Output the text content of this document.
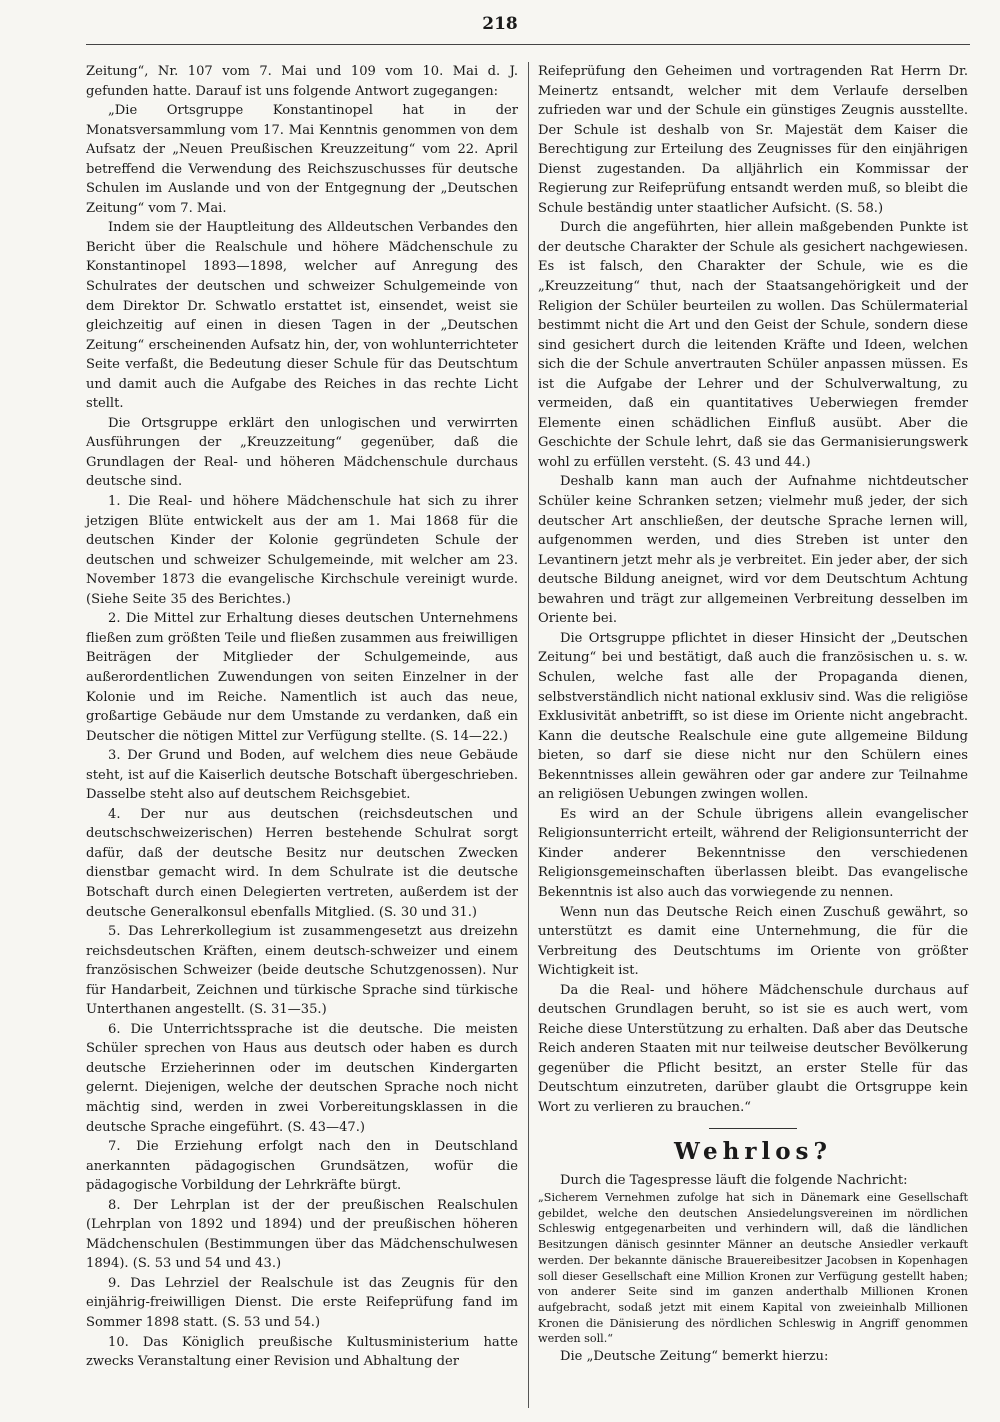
218

Zeitung“, Nr. 107 vom 7. Mai und 109 vom 10. Mai d. J. gefunden hatte. Darauf ist uns folgende Antwort zugegangen:

„Die Ortsgruppe Konstantinopel hat in der Monatsversammlung vom 17. Mai Kenntnis genommen von dem Aufsatz der „Neuen Preußischen Kreuzzeitung“ vom 22. April betreffend die Verwendung des Reichszuschusses für deutsche Schulen im Auslande und von der Entgegnung der „Deutschen Zeitung“ vom 7. Mai.

Indem sie der Hauptleitung des Alldeutschen Verbandes den Bericht über die Realschule und höhere Mädchenschule zu Konstantinopel 1893—1898, welcher auf Anregung des Schulrates der deutschen und schweizer Schulgemeinde von dem Direktor Dr. Schwatlo erstattet ist, einsendet, weist sie gleichzeitig auf einen in diesen Tagen in der „Deutschen Zeitung“ erscheinenden Aufsatz hin, der, von wohlunterrichteter Seite verfaßt, die Bedeutung dieser Schule für das Deutschtum und damit auch die Aufgabe des Reiches in das rechte Licht stellt.

Die Ortsgruppe erklärt den unlogischen und verwirrten Ausführungen der „Kreuzzeitung“ gegenüber, daß die Grundlagen der Real- und höheren Mädchenschule durchaus deutsche sind.

1. Die Real- und höhere Mädchenschule hat sich zu ihrer jetzigen Blüte entwickelt aus der am 1. Mai 1868 für die deutschen Kinder der Kolonie gegründeten Schule der deutschen und schweizer Schulgemeinde, mit welcher am 23. November 1873 die evangelische Kirchschule vereinigt wurde. (Siehe Seite 35 des Berichtes.)

2. Die Mittel zur Erhaltung dieses deutschen Unternehmens fließen zum größten Teile und fließen zusammen aus freiwilligen Beiträgen der Mitglieder der Schulgemeinde, aus außerordentlichen Zuwendungen von seiten Einzelner in der Kolonie und im Reiche. Namentlich ist auch das neue, großartige Gebäude nur dem Umstande zu verdanken, daß ein Deutscher die nötigen Mittel zur Verfügung stellte. (S. 14—22.)

3. Der Grund und Boden, auf welchem dies neue Gebäude steht, ist auf die Kaiserlich deutsche Botschaft übergeschrieben. Dasselbe steht also auf deutschem Reichsgebiet.

4. Der nur aus deutschen (reichsdeutschen und deutschschweizerischen) Herren bestehende Schulrat sorgt dafür, daß der deutsche Besitz nur deutschen Zwecken dienstbar gemacht wird. In dem Schulrate ist die deutsche Botschaft durch einen Delegierten vertreten, außerdem ist der deutsche Generalkonsul ebenfalls Mitglied. (S. 30 und 31.)

5. Das Lehrerkollegium ist zusammengesetzt aus dreizehn reichsdeutschen Kräften, einem deutsch-schweizer und einem französischen Schweizer (beide deutsche Schutzgenossen). Nur für Handarbeit, Zeichnen und türkische Sprache sind türkische Unterthanen angestellt. (S. 31—35.)

6. Die Unterrichtssprache ist die deutsche. Die meisten Schüler sprechen von Haus aus deutsch oder haben es durch deutsche Erzieherinnen oder im deutschen Kindergarten gelernt. Diejenigen, welche der deutschen Sprache noch nicht mächtig sind, werden in zwei Vorbereitungsklassen in die deutsche Sprache eingeführt. (S. 43—47.)

7. Die Erziehung erfolgt nach den in Deutschland anerkannten pädagogischen Grundsätzen, wofür die pädagogische Vorbildung der Lehrkräfte bürgt.

8. Der Lehrplan ist der der preußischen Realschulen (Lehrplan von 1892 und 1894) und der preußischen höheren Mädchenschulen (Bestimmungen über das Mädchenschulwesen 1894). (S. 53 und 54 und 43.)

9. Das Lehrziel der Realschule ist das Zeugnis für den einjährig-freiwilligen Dienst. Die erste Reifeprüfung fand im Sommer 1898 statt. (S. 53 und 54.)

10. Das Königlich preußische Kultusministerium hatte zwecks Veranstaltung einer Revision und Abhaltung der

Reifeprüfung den Geheimen und vortragenden Rat Herrn Dr. Meinertz entsandt, welcher mit dem Verlaufe derselben zufrieden war und der Schule ein günstiges Zeugnis ausstellte. Der Schule ist deshalb von Sr. Majestät dem Kaiser die Berechtigung zur Erteilung des Zeugnisses für den einjährigen Dienst zugestanden. Da alljährlich ein Kommissar der Regierung zur Reifeprüfung entsandt werden muß, so bleibt die Schule beständig unter staatlicher Aufsicht. (S. 58.)

Durch die angeführten, hier allein maßgebenden Punkte ist der deutsche Charakter der Schule als gesichert nachgewiesen. Es ist falsch, den Charakter der Schule, wie es die „Kreuzzeitung“ thut, nach der Staatsangehörigkeit und der Religion der Schüler beurteilen zu wollen. Das Schülermaterial bestimmt nicht die Art und den Geist der Schule, sondern diese sind gesichert durch die leitenden Kräfte und Ideen, welchen sich die der Schule anvertrauten Schüler anpassen müssen. Es ist die Aufgabe der Lehrer und der Schulverwaltung, zu vermeiden, daß ein quantitatives Ueberwiegen fremder Elemente einen schädlichen Einfluß ausübt. Aber die Geschichte der Schule lehrt, daß sie das Germanisierungswerk wohl zu erfüllen versteht. (S. 43 und 44.)

Deshalb kann man auch der Aufnahme nichtdeutscher Schüler keine Schranken setzen; vielmehr muß jeder, der sich deutscher Art anschließen, der deutsche Sprache lernen will, aufgenommen werden, und dies Streben ist unter den Levantinern jetzt mehr als je verbreitet. Ein jeder aber, der sich deutsche Bildung aneignet, wird vor dem Deutschtum Achtung bewahren und trägt zur allgemeinen Verbreitung desselben im Oriente bei.

Die Ortsgruppe pflichtet in dieser Hinsicht der „Deutschen Zeitung“ bei und bestätigt, daß auch die französischen u. s. w. Schulen, welche fast alle der Propaganda dienen, selbstverständlich nicht national exklusiv sind. Was die religiöse Exklusivität anbetrifft, so ist diese im Oriente nicht angebracht. Kann die deutsche Realschule eine gute allgemeine Bildung bieten, so darf sie diese nicht nur den Schülern eines Bekenntnisses allein gewähren oder gar andere zur Teilnahme an religiösen Uebungen zwingen wollen.

Es wird an der Schule übrigens allein evangelischer Religionsunterricht erteilt, während der Religionsunterricht der Kinder anderer Bekenntnisse den verschiedenen Religionsgemeinschaften überlassen bleibt. Das evangelische Bekenntnis ist also auch das vorwiegende zu nennen.

Wenn nun das Deutsche Reich einen Zuschuß gewährt, so unterstützt es damit eine Unternehmung, die für die Verbreitung des Deutschtums im Oriente von größter Wichtigkeit ist.

Da die Real- und höhere Mädchenschule durchaus auf deutschen Grundlagen beruht, so ist sie es auch wert, vom Reiche diese Unterstützung zu erhalten. Daß aber das Deutsche Reich anderen Staaten mit nur teilweise deutscher Bevölkerung gegenüber die Pflicht besitzt, an erster Stelle für das Deutschtum einzutreten, darüber glaubt die Ortsgruppe kein Wort zu verlieren zu brauchen.“

Wehrlos?

Durch die Tagespresse läuft die folgende Nachricht:

„Sicherem Vernehmen zufolge hat sich in Dänemark eine Gesellschaft gebildet, welche den deutschen Ansiedelungsvereinen im nördlichen Schleswig entgegenarbeiten und verhindern will, daß die ländlichen Besitzungen dänisch gesinnter Männer an deutsche Ansiedler verkauft werden. Der bekannte dänische Brauereibesitzer Jacobsen in Kopenhagen soll dieser Gesellschaft eine Million Kronen zur Verfügung gestellt haben; von anderer Seite sind im ganzen anderthalb Millionen Kronen aufgebracht, sodaß jetzt mit einem Kapital von zweieinhalb Millionen Kronen die Dänisierung des nördlichen Schleswig in Angriff genommen werden soll.“

Die „Deutsche Zeitung“ bemerkt hierzu:
